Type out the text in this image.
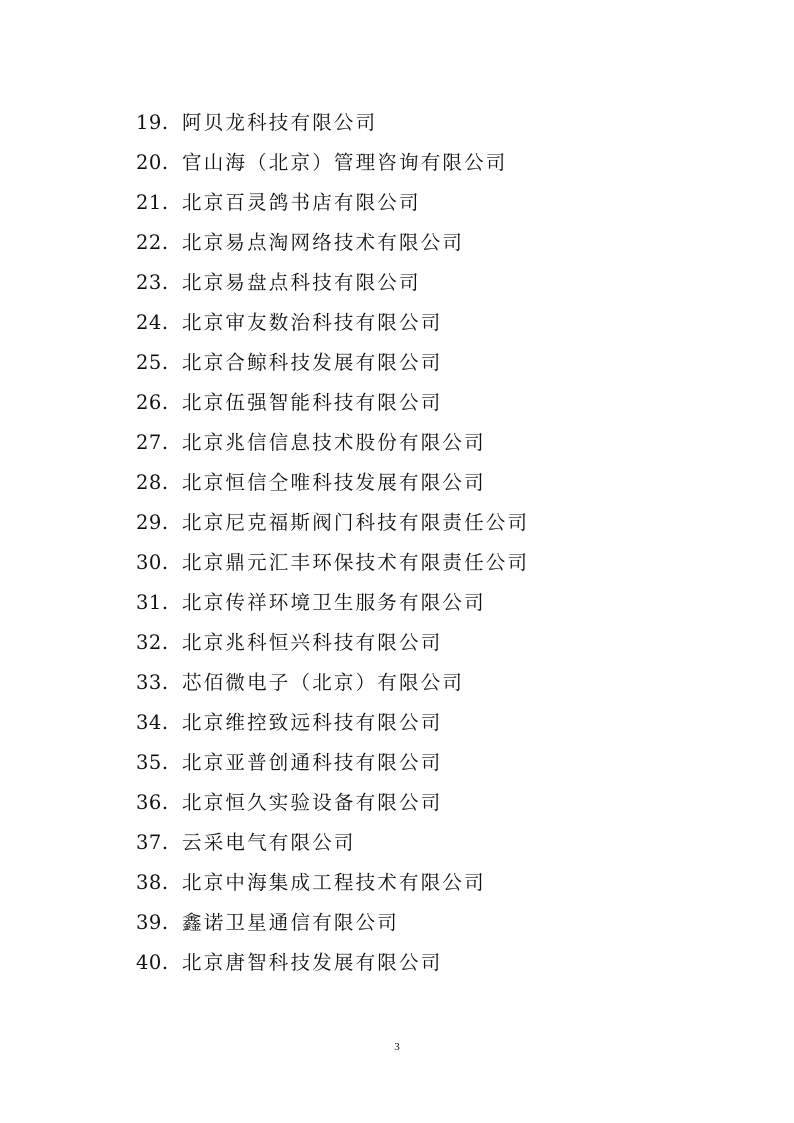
19. 阿贝龙科技有限公司
20. 官山海（北京）管理咨询有限公司
21. 北京百灵鸽书店有限公司
22. 北京易点淘网络技术有限公司
23. 北京易盘点科技有限公司
24. 北京审友数治科技有限公司
25. 北京合鲸科技发展有限公司
26. 北京伍强智能科技有限公司
27. 北京兆信信息技术股份有限公司
28. 北京恒信仝唯科技发展有限公司
29. 北京尼克福斯阀门科技有限责任公司
30. 北京鼎元汇丰环保技术有限责任公司
31. 北京传祥环境卫生服务有限公司
32. 北京兆科恒兴科技有限公司
33. 芯佰微电子（北京）有限公司
34. 北京维控致远科技有限公司
35. 北京亚普创通科技有限公司
36. 北京恒久实验设备有限公司
37. 云采电气有限公司
38. 北京中海集成工程技术有限公司
39. 鑫诺卫星通信有限公司
40. 北京唐智科技发展有限公司
3
